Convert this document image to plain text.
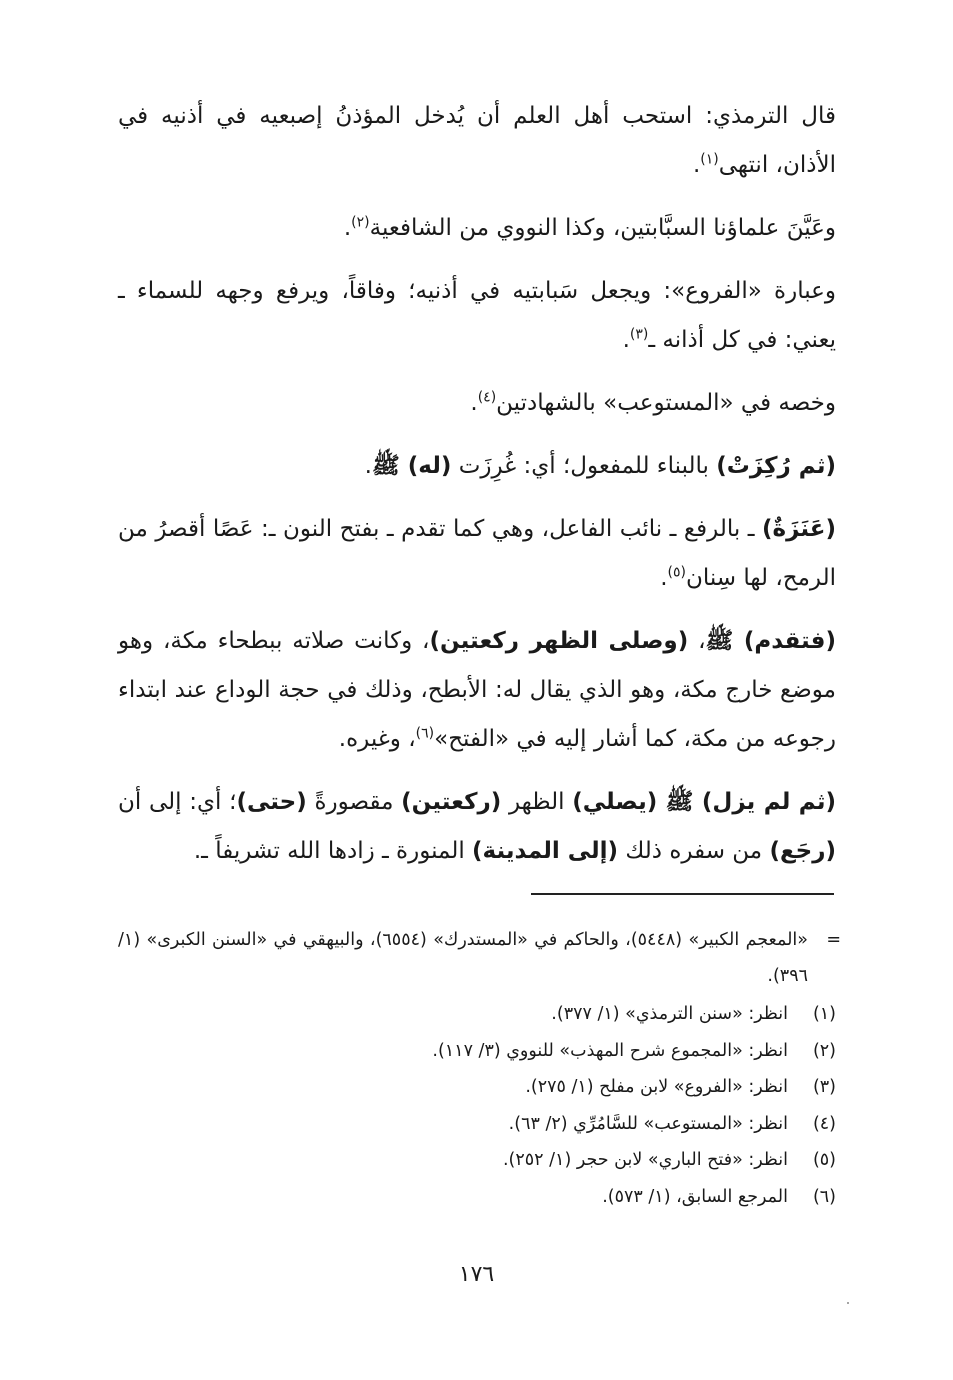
قال الترمذي: استحب أهل العلم أن يُدخل المؤذنُ إصبعيه في أذنيه في الأذان، انتهى$^{(١)}$.

وعَيَّنَ علماؤنا السبَّابتين، وكذا النووي من الشافعية$^{(٢)}$.

وعبارة «الفروع»: ويجعل سَبابتيه في أذنيه؛ وفاقاً، ويرفع وجهه للسماء ـ يعني: في كل أذانه ـ$^{(٣)}$.

وخصه في «المستوعب» بالشهادتين$^{(٤)}$.

(ثم رُكِزَتْ) بالبناء للمفعول؛ أي: غُرِزَت (له) ﷺ.

(عَنَزَةٌ) ـ بالرفع ـ نائب الفاعل، وهي كما تقدم ـ بفتح النون ـ: عَصًا أقصرُ من الرمح، لها سِنان$^{(٥)}$.

(فتقدم) ﷺ، (وصلى الظهر ركعتين)، وكانت صلاته ببطحاء مكة، وهو موضع خارج مكة، وهو الذي يقال له: الأبطح، وذلك في حجة الوداع عند ابتداء رجوعه من مكة، كما أشار إليه في «الفتح»$^{(٦)}$، وغيره.

(ثم لم يزل) ﷺ (يصلي) الظهر (ركعتين) مقصورةً (حتى)؛ أي: إلى أن (رجَع) من سفره ذلك (إلى المدينة) المنورة ـ زادها الله تشريفاً ـ.

=
«المعجم الكبير» (٥٤٤٨)، والحاكم في «المستدرك» (٦٥٥٤)، والبيهقي في «السنن الكبرى» (١/ ٣٩٦).

(١)
انظر: «سنن الترمذي» (١/ ٣٧٧).
(٢)
انظر: «المجموع شرح المهذب» للنووي (٣/ ١١٧).
(٣)
انظر: «الفروع» لابن مفلح (١/ ٢٧٥).
(٤)
انظر: «المستوعب» للسَّامُرِّي (٢/ ٦٣).
(٥)
انظر: «فتح الباري» لابن حجر (١/ ٢٥٢).
(٦)
المرجع السابق، (١/ ٥٧٣).
١٧٦
